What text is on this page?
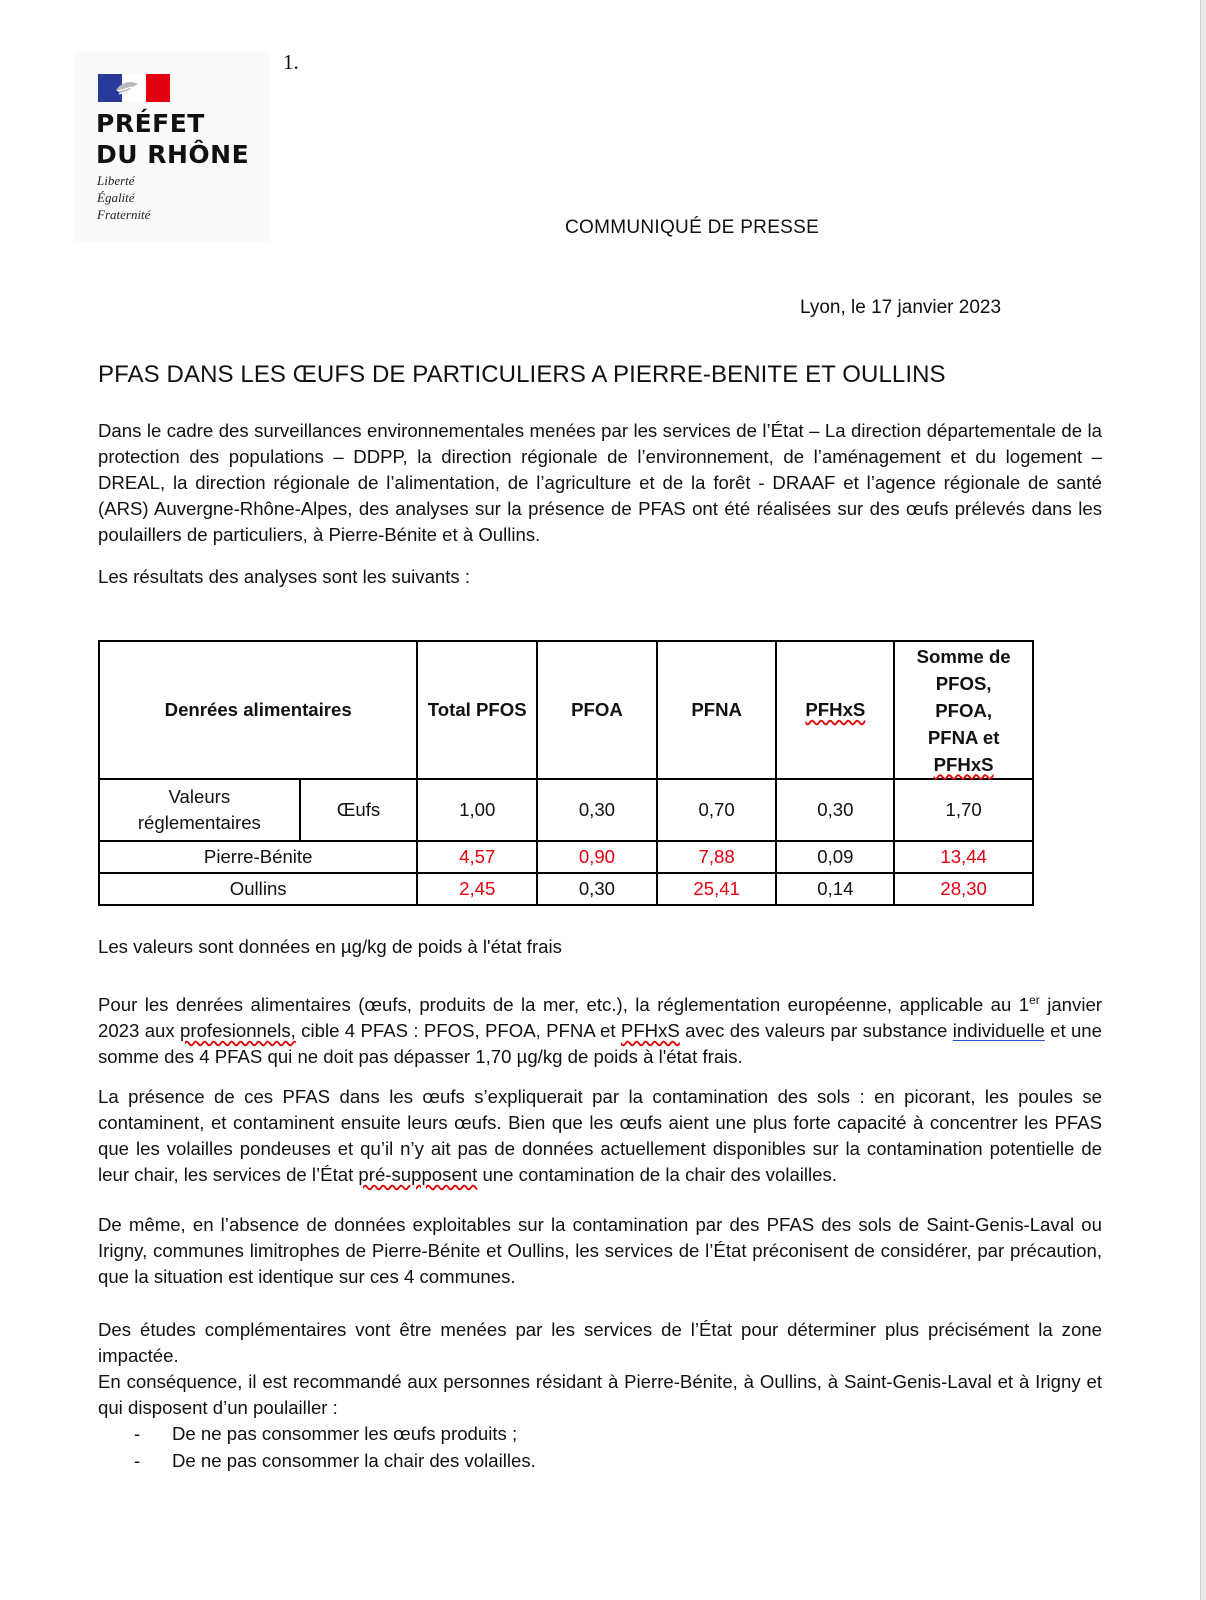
PRÉFET
DU RHÔNE
Liberté
Égalité
Fraternité
1.
COMMUNIQUÉ DE PRESSE
Lyon, le 17 janvier 2023
PFAS DANS LES ŒUFS DE PARTICULIERS A PIERRE-BENITE ET OULLINS
Dans le cadre des surveillances environnementales menées par les services de l’État – La direction départementale de la protection des populations – DDPP, la direction régionale de l’environnement, de l’aménagement et du logement – DREAL, la direction régionale de l’alimentation, de l’agriculture et de la forêt - DRAAF et l’agence régionale de santé (ARS) Auvergne-Rhône-Alpes, des analyses sur la présence de PFAS ont été réalisées sur des œufs prélevés dans les poulaillers de particuliers, à Pierre-Bénite et à Oullins.
Les résultats des analyses sont les suivants :
Denrées alimentaires		Total PFOS	PFOA	PFNA	PFHxS	Somme de
PFOS,
PFOA,
PFNA et
PFHxS

Valeurs
réglementaires	Œufs	1,00	0,30	0,70	0,30	1,70
Pierre-Bénite		4,57	0,90	7,88	0,09	13,44
Oullins		2,45	0,30	25,41	0,14	28,30
Les valeurs sont données en µg/kg de poids à l'état frais
Pour les denrées alimentaires (œufs, produits de la mer, etc.), la réglementation européenne, applicable au 1er janvier 2023 aux profesionnels, cible 4 PFAS : PFOS, PFOA, PFNA et PFHxS avec des valeurs par substance individuelle et une somme des 4 PFAS qui ne doit pas dépasser 1,70 µg/kg de poids à l'état frais.
La présence de ces PFAS dans les œufs s’expliquerait par la contamination des sols : en picorant, les poules se contaminent, et contaminent ensuite leurs œufs. Bien que les œufs aient une plus forte capacité à concentrer les PFAS que les volailles pondeuses et qu’il n’y ait pas de données actuellement disponibles sur la contamination potentielle de leur chair, les services de l’État pré-supposent une contamination de la chair des volailles.
De même, en l’absence de données exploitables sur la contamination par des PFAS des sols de Saint-Genis-Laval ou Irigny, communes limitrophes de Pierre-Bénite et Oullins, les services de l’État préconisent de considérer, par précaution, que la situation est identique sur ces 4 communes.
Des études complémentaires vont être menées par les services de l’État pour déterminer plus précisément la zone impactée.
En conséquence, il est recommandé aux personnes résidant à Pierre-Bénite, à Oullins, à Saint-Genis-Laval et à Irigny et qui disposent d’un poulailler :
- De ne pas consommer les œufs produits ;
- De ne pas consommer la chair des volailles.
